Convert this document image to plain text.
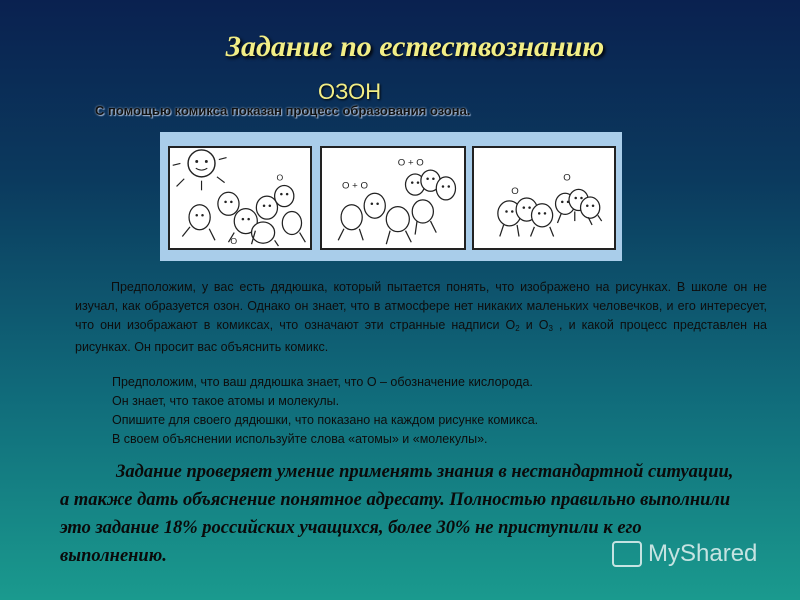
Задание по естествознанию
ОЗОН
С помощью комикса показан процесс образования озона.
O
O
O + O
O + O
O
O
Предположим, у вас есть дядюшка, который пытается понять, что изображено на рисунках. В школе он не изучал, как образуется озон. Однако он знает, что в атмосфере нет никаких маленьких человечков, и его интересует, что они изображают в комиксах, что означают эти странные надписи $O_2$ и $O_3$ , и какой процесс представлен на рисунках. Он просит вас объяснить комикс.
Предположим, что ваш дядюшка знает, что О – обозначение кислорода.
Он знает, что такое атомы и молекулы.
Опишите для своего дядюшки, что показано на каждом рисунке комикса.
В своем объяснении используйте слова «атомы» и «молекулы».
Задание проверяет умение применять знания в нестандартной ситуации, а также дать объяснение понятное адресату. Полностью правильно выполнили это задание 18% российских учащихся, более 30% не приступили к его выполнению.	MyShared
